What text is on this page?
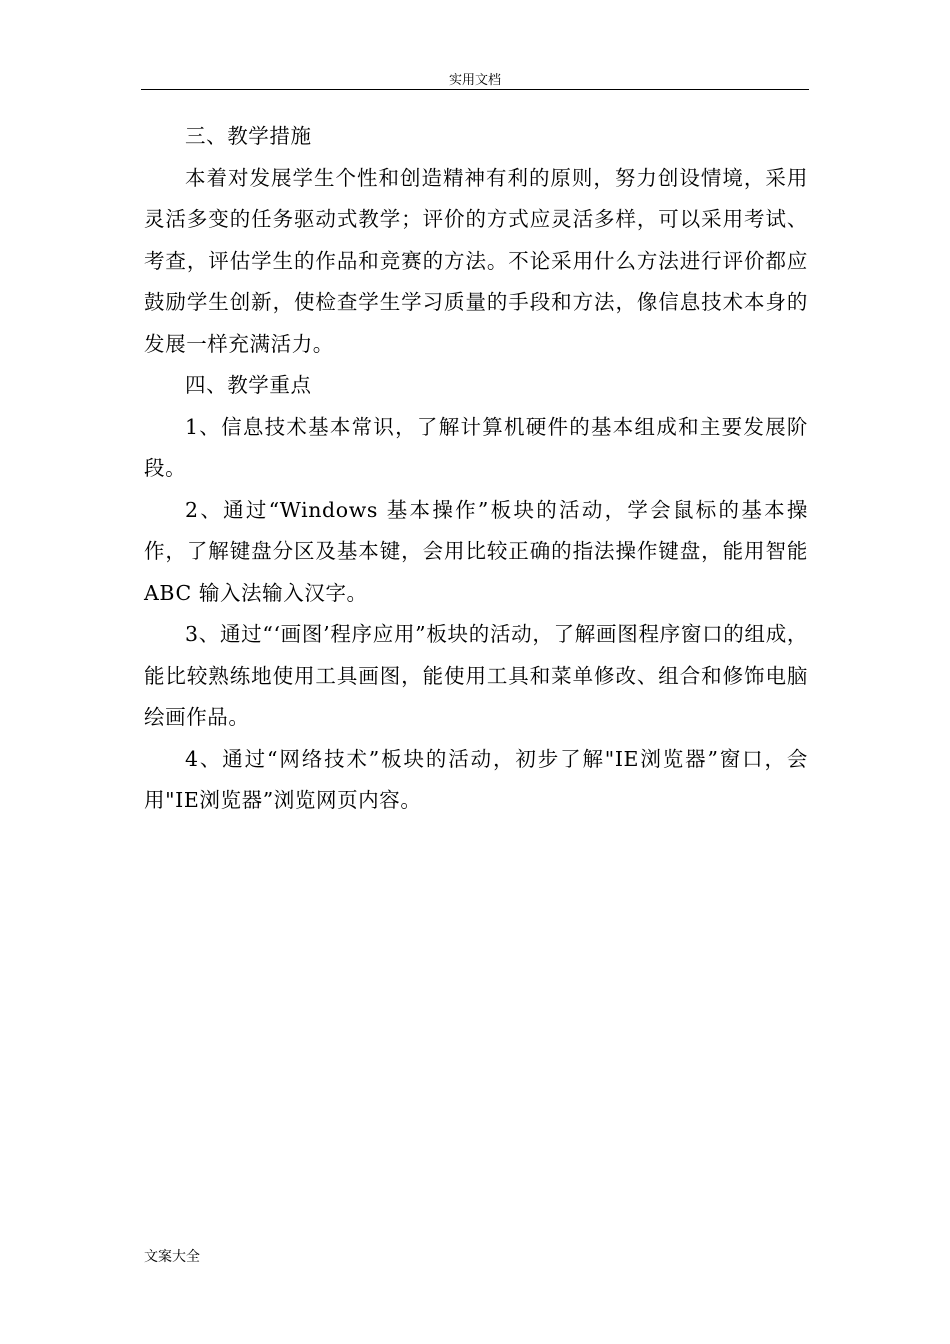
实用文档

三、教学措施

本着对发展学生个性和创造精神有利的原则，努力创设情境，采用灵活多变的任务驱动式教学；评价的方式应灵活多样，可以采用考试、考查，评估学生的作品和竞赛的方法。不论采用什么方法进行评价都应鼓励学生创新，使检查学生学习质量的手段和方法，像信息技术本身的发展一样充满活力。

四、教学重点

1、信息技术基本常识，了解计算机硬件的基本组成和主要发展阶段。

2、通过“Windows 基本操作”板块的活动，学会鼠标的基本操作，了解键盘分区及基本键，会用比较正确的指法操作键盘，能用智能ABC 输入法输入汉字。

3、通过“‘画图’程序应用”板块的活动，了解画图程序窗口的组成，能比较熟练地使用工具画图，能使用工具和菜单修改、组合和修饰电脑绘画作品。

4、通过“网络技术”板块的活动，初步了解"IE浏览器”窗口，会用"IE浏览器”浏览网页内容。

文案大全
